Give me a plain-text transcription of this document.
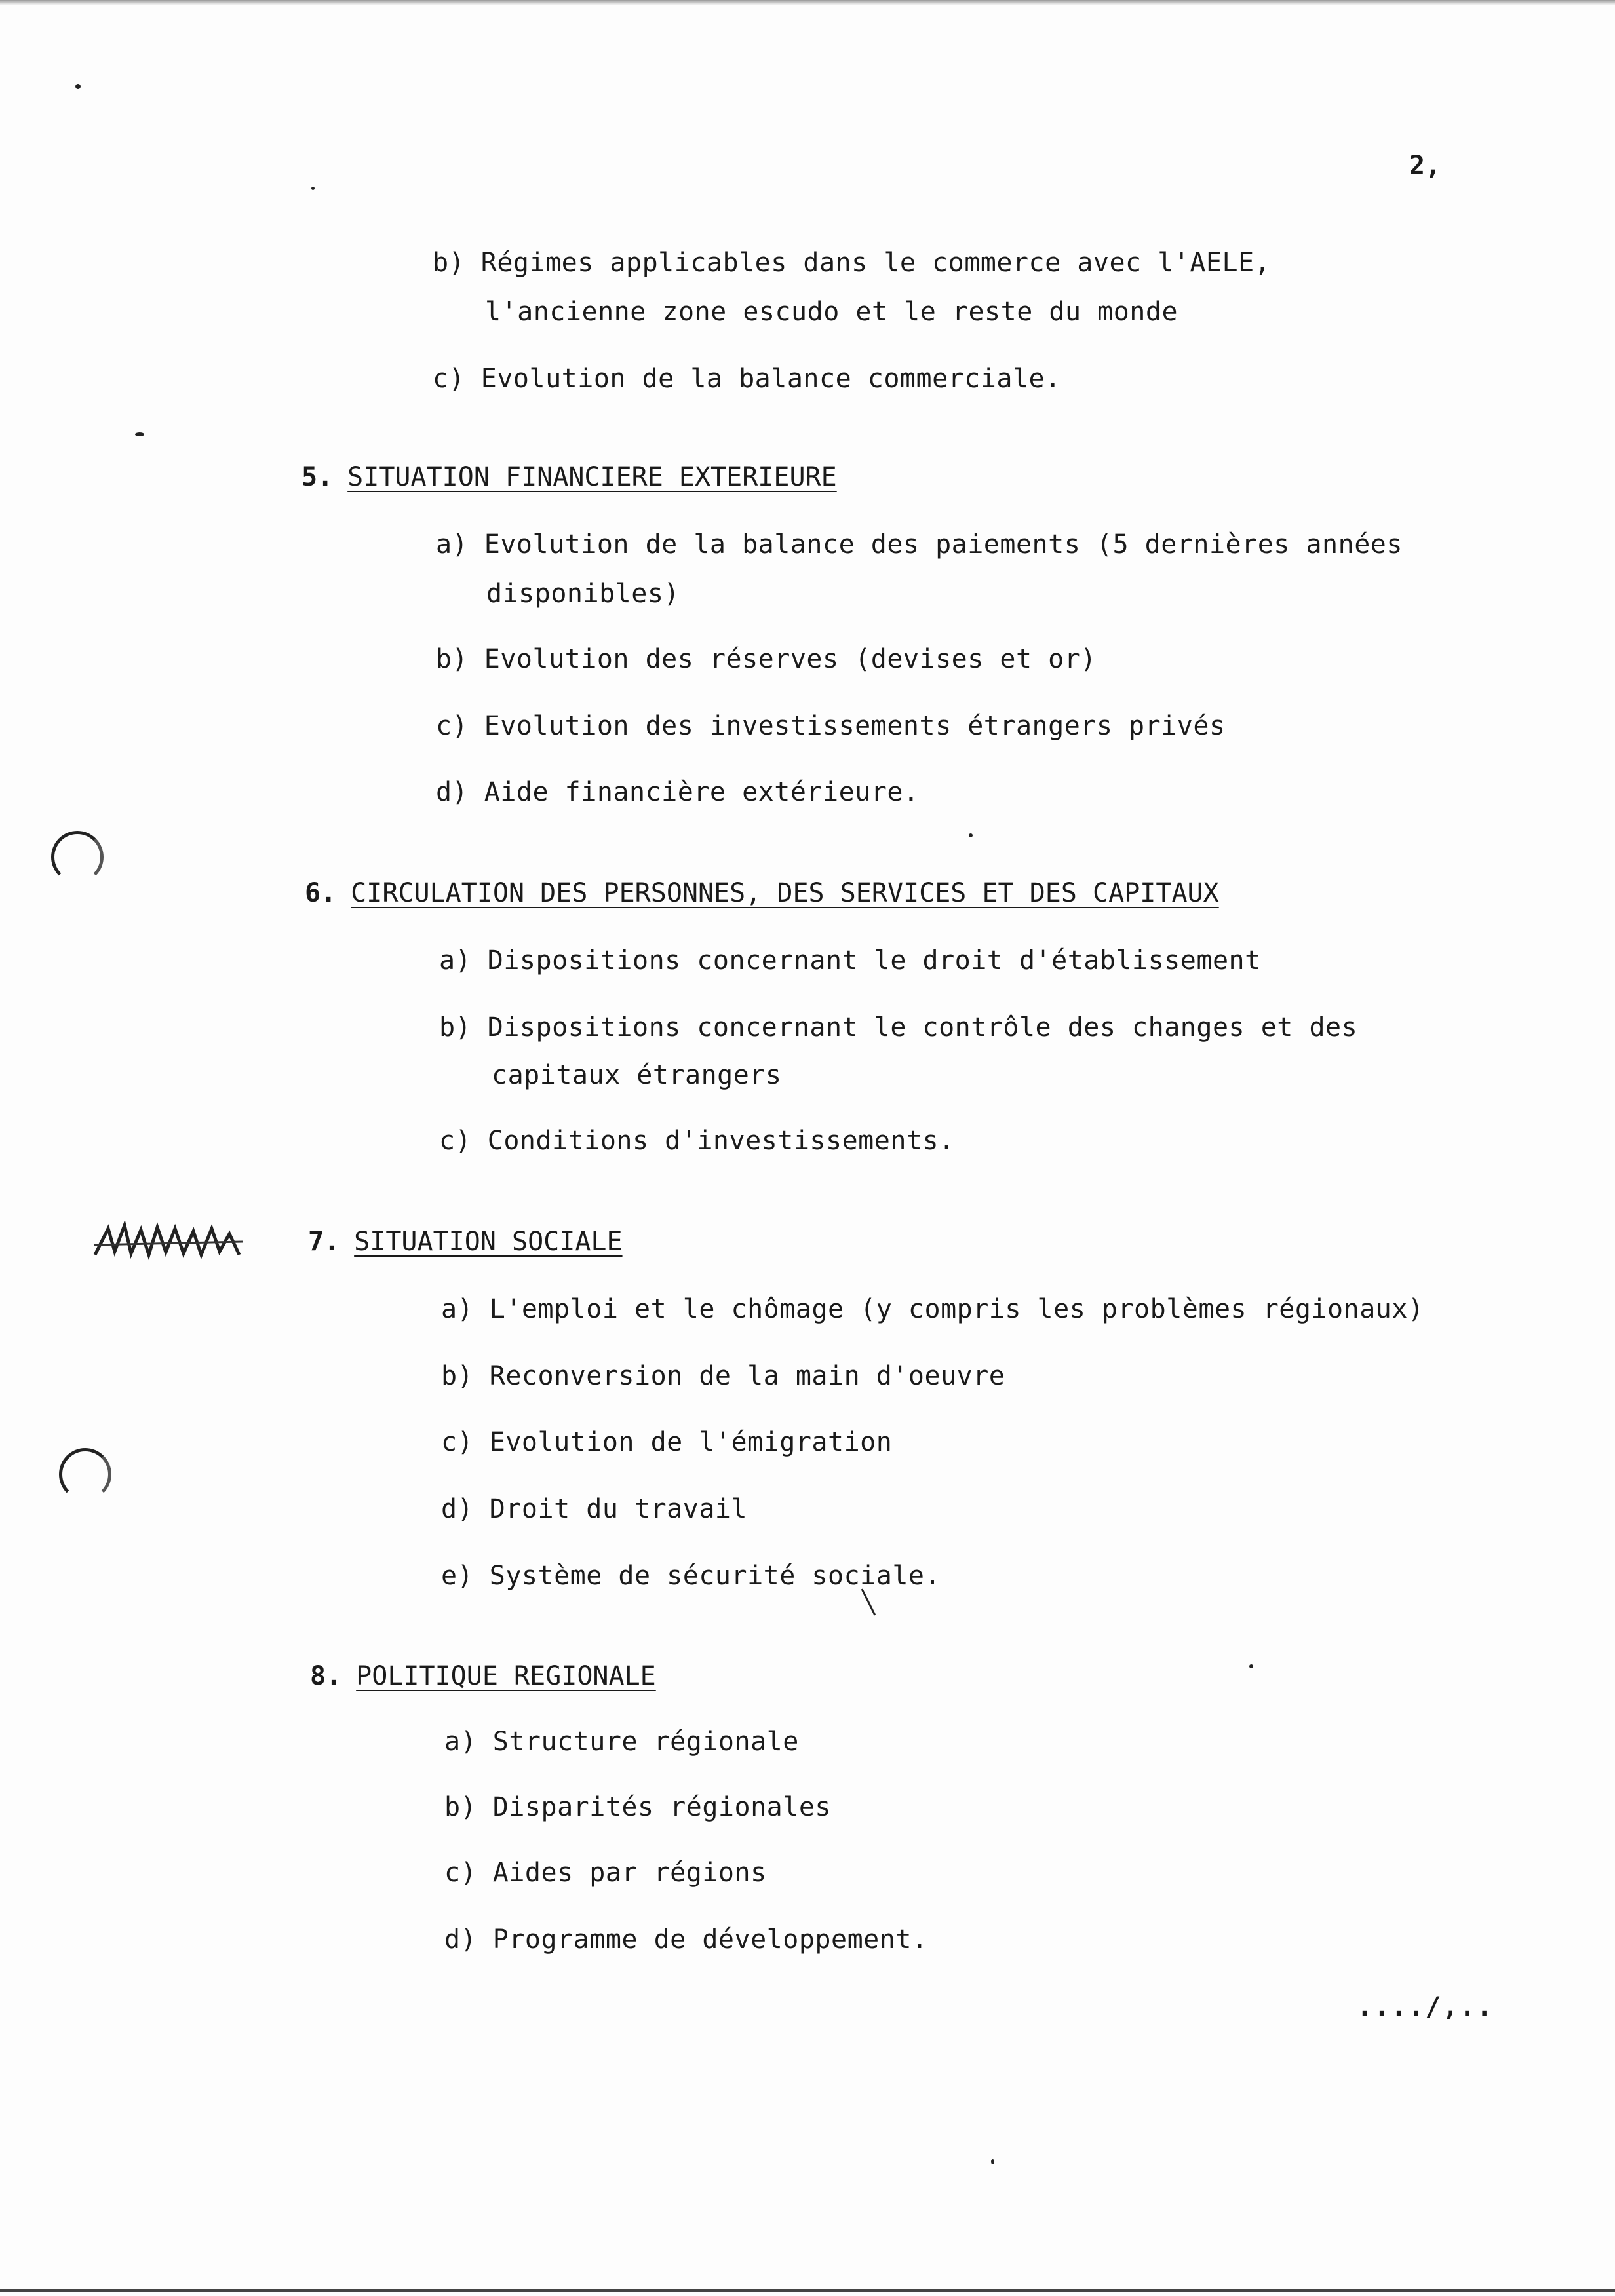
2,
b) Régimes applicables dans le commerce avec l'AELE,
l'ancienne zone escudo et le reste du monde
c) Evolution de la balance commerciale.
5. SITUATION FINANCIERE EXTERIEURE
a) Evolution de la balance des paiements (5 dernières années
disponibles)
b) Evolution des réserves (devises et or)
c) Evolution des investissements étrangers privés
d) Aide financière extérieure.
6. CIRCULATION DES PERSONNES, DES SERVICES ET DES CAPITAUX
a) Dispositions concernant le droit d'établissement
b) Dispositions concernant le contrôle des changes et des
capitaux étrangers
c) Conditions d'investissements.
7. SITUATION SOCIALE
a) L'emploi et le chômage (y compris les problèmes régionaux)
b) Reconversion de la main d'oeuvre
c) Evolution de l'émigration
d) Droit du travail
e) Système de sécurité sociale.
8. POLITIQUE REGIONALE
a) Structure régionale
b) Disparités régionales
c) Aides par régions
d) Programme de développement.
..../,..
